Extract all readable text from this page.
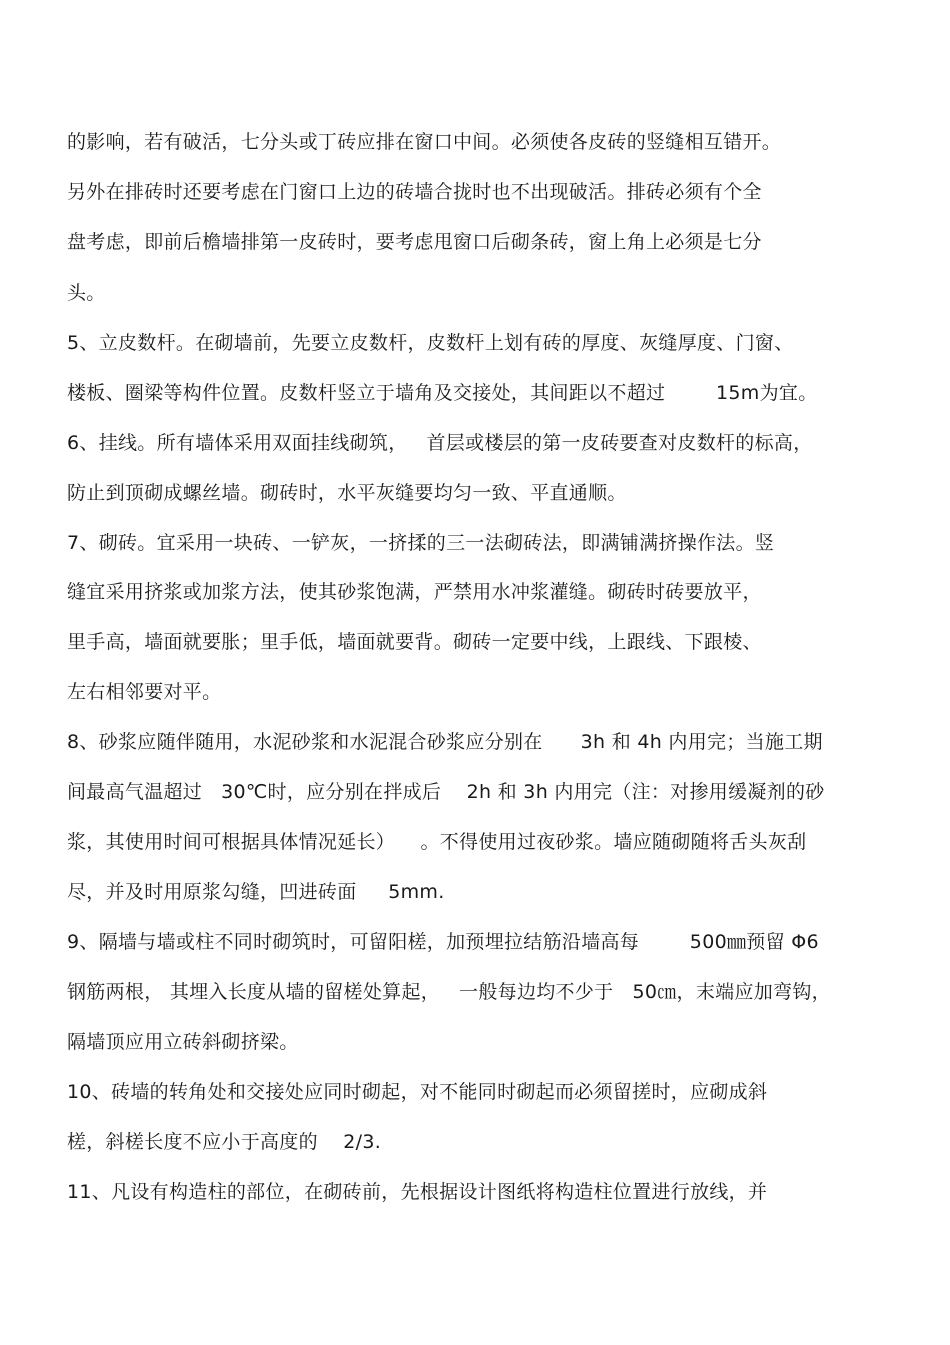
的影响，若有破活，七分头或丁砖应排在窗口中间。必须使各皮砖的竖缝相互错开。
另外在排砖时还要考虑在门窗口上边的砖墙合拢时也不出现破活。排砖必须有个全
盘考虑，即前后檐墙排第一皮砖时，要考虑甩窗口后砌条砖，窗上角上必须是七分
头。
5、立皮数杆。在砌墙前，先要立皮数杆，皮数杆上划有砖的厚度、灰缝厚度、门窗、
楼板、圈梁等构件位置。皮数杆竖立于墙角及交接处，其间距以不超过        15m为宜。
6、挂线。所有墙体采用双面挂线砌筑，   首层或楼层的第一皮砖要查对皮数杆的标高，
防止到顶砌成螺丝墙。砌砖时，水平灰缝要均匀一致、平直通顺。
7、砌砖。宜采用一块砖、一铲灰，一挤揉的三一法砌砖法，即满铺满挤操作法。竖
缝宜采用挤浆或加浆方法，使其砂浆饱满，严禁用水冲浆灌缝。砌砖时砖要放平，
里手高，墙面就要胀；里手低，墙面就要背。砌砖一定要中线，上跟线、下跟棱、
左右相邻要对平。
8、砂浆应随伴随用，水泥砂浆和水泥混合砂浆应分别在      3h 和 4h 内用完；当施工期
间最高气温超过   30℃时，应分别在拌成后    2h 和 3h 内用完（注：对掺用缓凝剂的砂
浆，其使用时间可根据具体情况延长）    。不得使用过夜砂浆。墙应随砌随将舌头灰刮
尽，并及时用原浆勾缝，凹进砖面     5mm.
9、隔墙与墙或柱不同时砌筑时，可留阳槎，加预埋拉结筋沿墙高每        500㎜预留 Φ6
钢筋两根， 其埋入长度从墙的留槎处算起，   一般每边均不少于   50㎝，末端应加弯钩，
隔墙顶应用立砖斜砌挤梁。
10、砖墙的转角处和交接处应同时砌起，对不能同时砌起而必须留搓时，应砌成斜
槎，斜槎长度不应小于高度的    2/3.
11、凡设有构造柱的部位，在砌砖前，先根据设计图纸将构造柱位置进行放线，并
